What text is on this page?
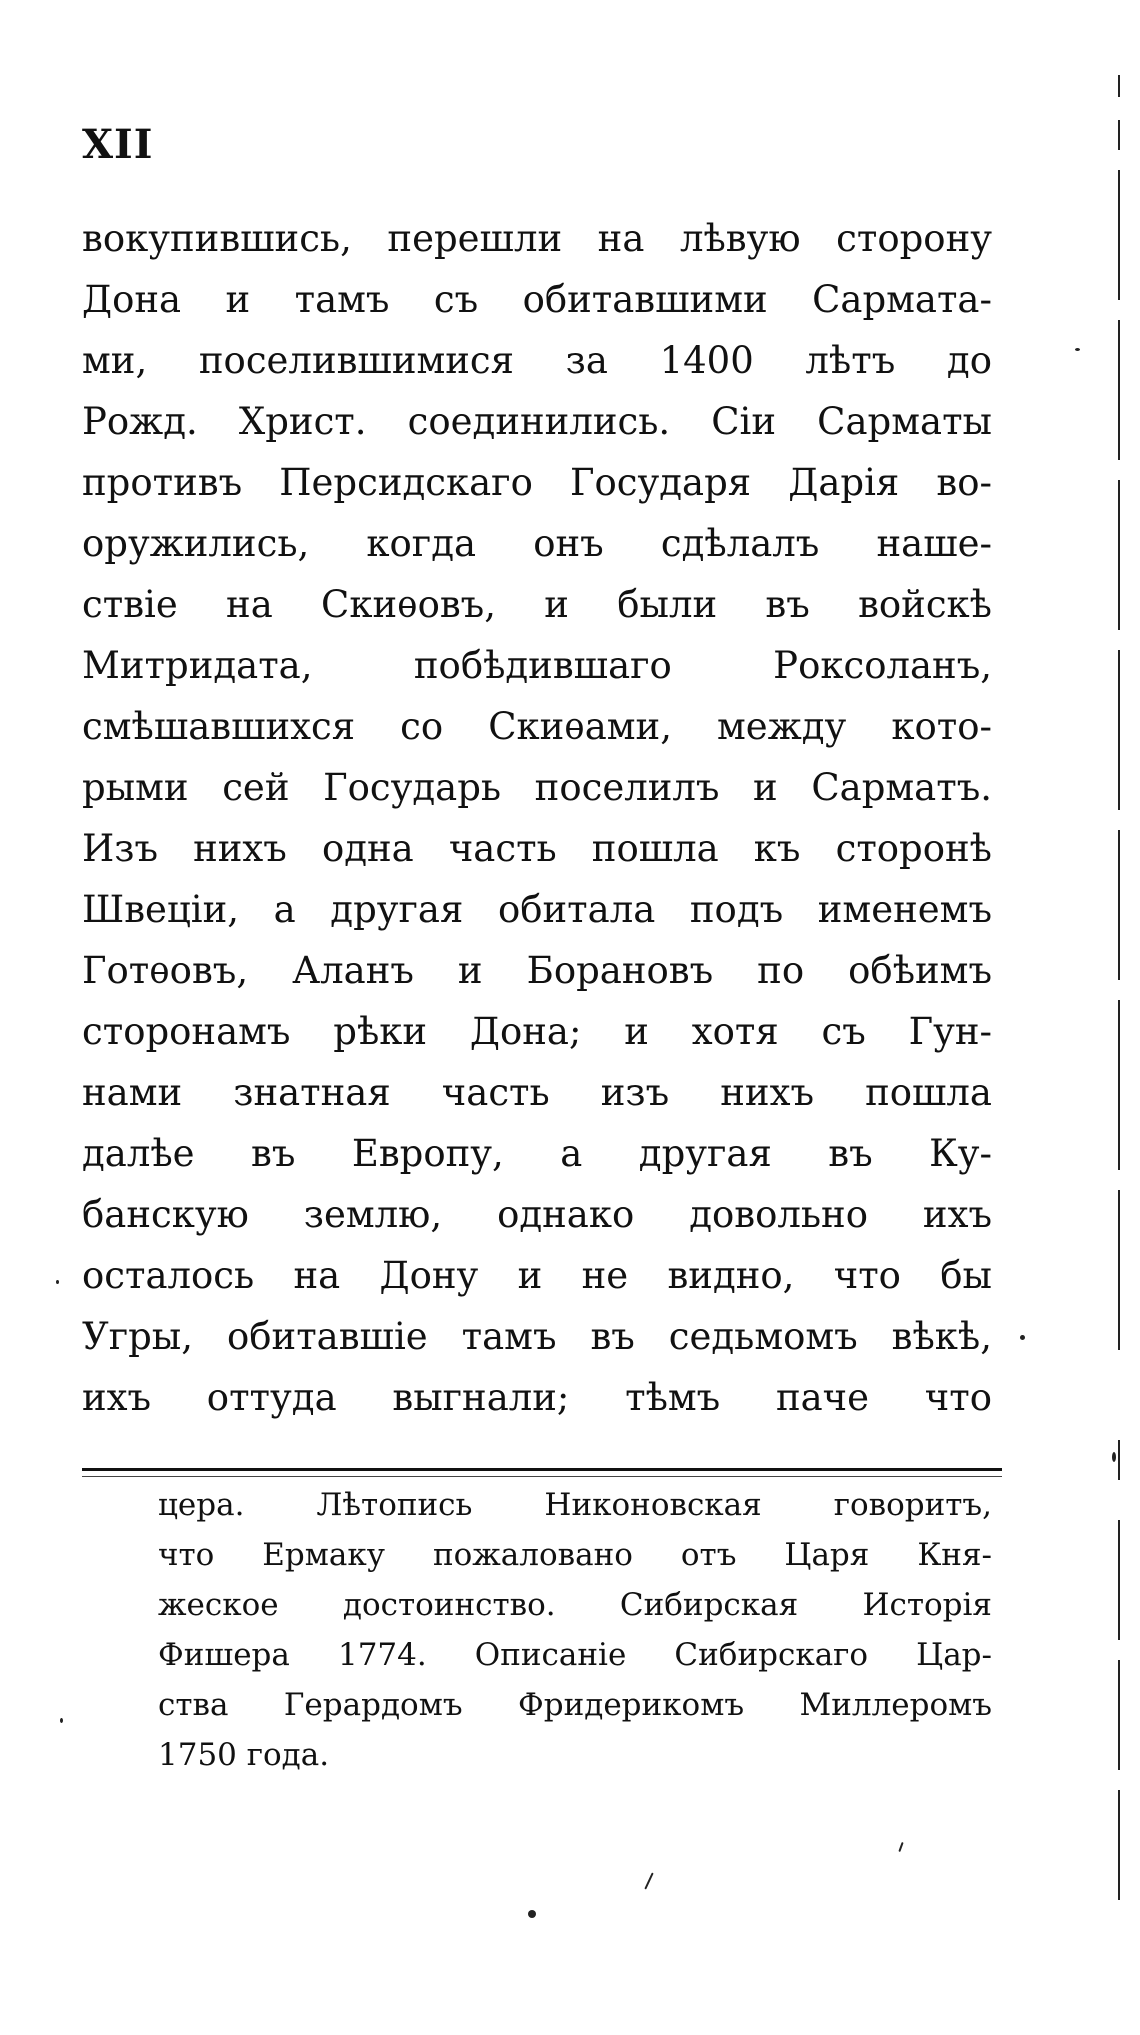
XII
вокупившись, перешли на лѣвую сторону
Дона и тамъ съ обитавшими Сармата-
ми, поселившимися за 1400 лѣтъ до
Рожд. Христ. соединились. Сіи Сарматы
противъ Персидскаго Государя Дарія во-
оружились, когда онъ сдѣлалъ наше-
ствіе на Скиѳовъ, и были въ войскѣ
Митридата, побѣдившаго Роксоланъ,
смѣшавшихся со Скиѳами, между кото-
рыми сей Государь поселилъ и Сарматъ.
Изъ нихъ одна часть пошла къ сторонѣ
Швеціи, а другая обитала подъ именемъ
Готѳовъ, Аланъ и Борановъ по обѣимъ
сторонамъ рѣки Дона; и хотя съ Гун-
нами знатная часть изъ нихъ пошла
далѣе въ Европу, а другая въ Ку-
банскую землю, однако довольно ихъ
осталось на Дону и не видно, что бы
Угры, обитавшіе тамъ въ седьмомъ вѣкѣ,
ихъ оттуда выгнали; тѣмъ паче что
цера. Лѣтопись Никоновская говоритъ,
что Ермаку пожаловано отъ Царя Кня-
жеское достоинство. Сибирская Исторія
Фишера 1774. Описаніе Сибирскаго Цар-
ства Герардомъ Фридерикомъ Миллеромъ
1750 года.
